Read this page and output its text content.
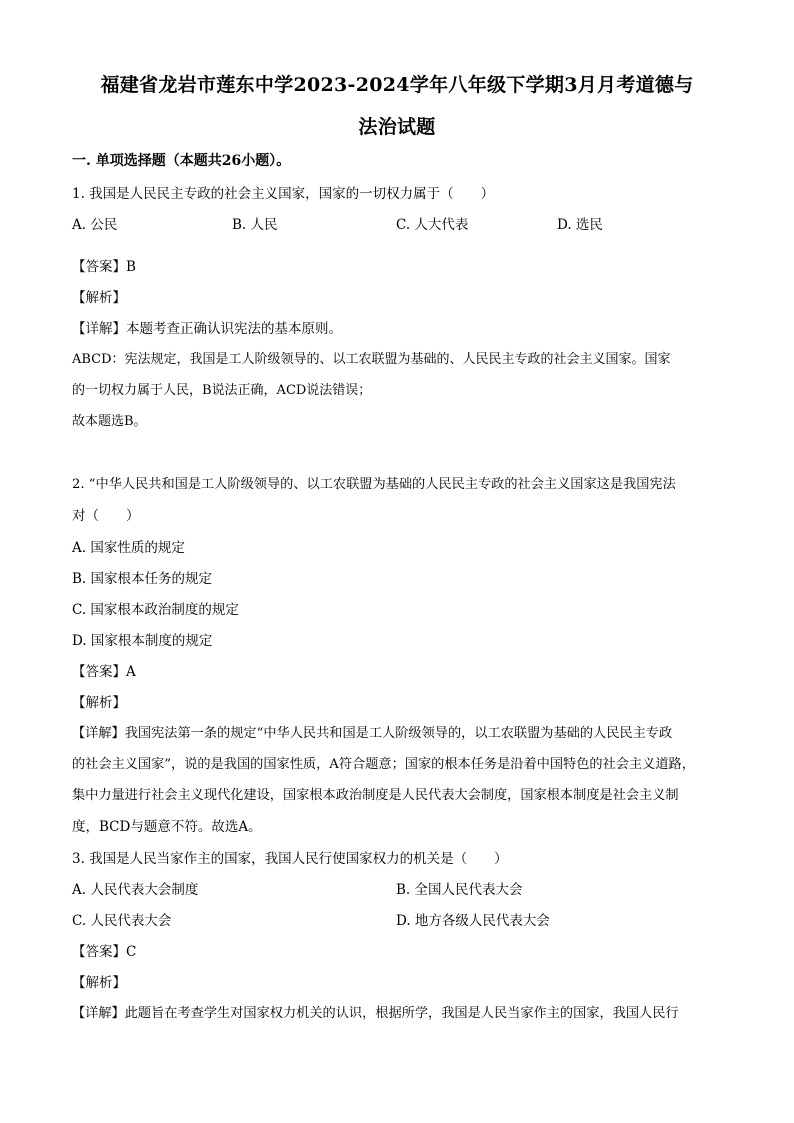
福建省龙岩市莲东中学2023-2024学年八年级下学期3月月考道德与
法治试题
一. 单项选择题（本题共26小题）。
1. 我国是人民民主专政的社会主义国家，国家的一切权力属于（　　）
A. 公民	B. 人民	C. 人大代表	D. 选民
【答案】B
【解析】
【详解】本题考查正确认识宪法的基本原则。
ABCD：宪法规定，我国是工人阶级领导的、以工农联盟为基础的、人民民主专政的社会主义国家。国家
的一切权力属于人民，B说法正确，ACD说法错误；
故本题选B。
2. “中华人民共和国是工人阶级领导的、以工农联盟为基础的人民民主专政的社会主义国家这是我国宪法
对（　　）
A. 国家性质的规定
B. 国家根本任务的规定
C. 国家根本政治制度的规定
D. 国家根本制度的规定
【答案】A
【解析】
【详解】我国宪法第一条的规定“中华人民共和国是工人阶级领导的，以工农联盟为基础的人民民主专政
的社会主义国家”，说的是我国的国家性质，A符合题意；国家的根本任务是沿着中国特色的社会主义道路，
集中力量进行社会主义现代化建设，国家根本政治制度是人民代表大会制度，国家根本制度是社会主义制
度，BCD与题意不符。故选A。
3. 我国是人民当家作主的国家，我国人民行使国家权力的机关是（　　）
A. 人民代表大会制度	B. 全国人民代表大会
C. 人民代表大会	D. 地方各级人民代表大会
【答案】C
【解析】
【详解】此题旨在考查学生对国家权力机关的认识，根据所学，我国是人民当家作主的国家，我国人民行
